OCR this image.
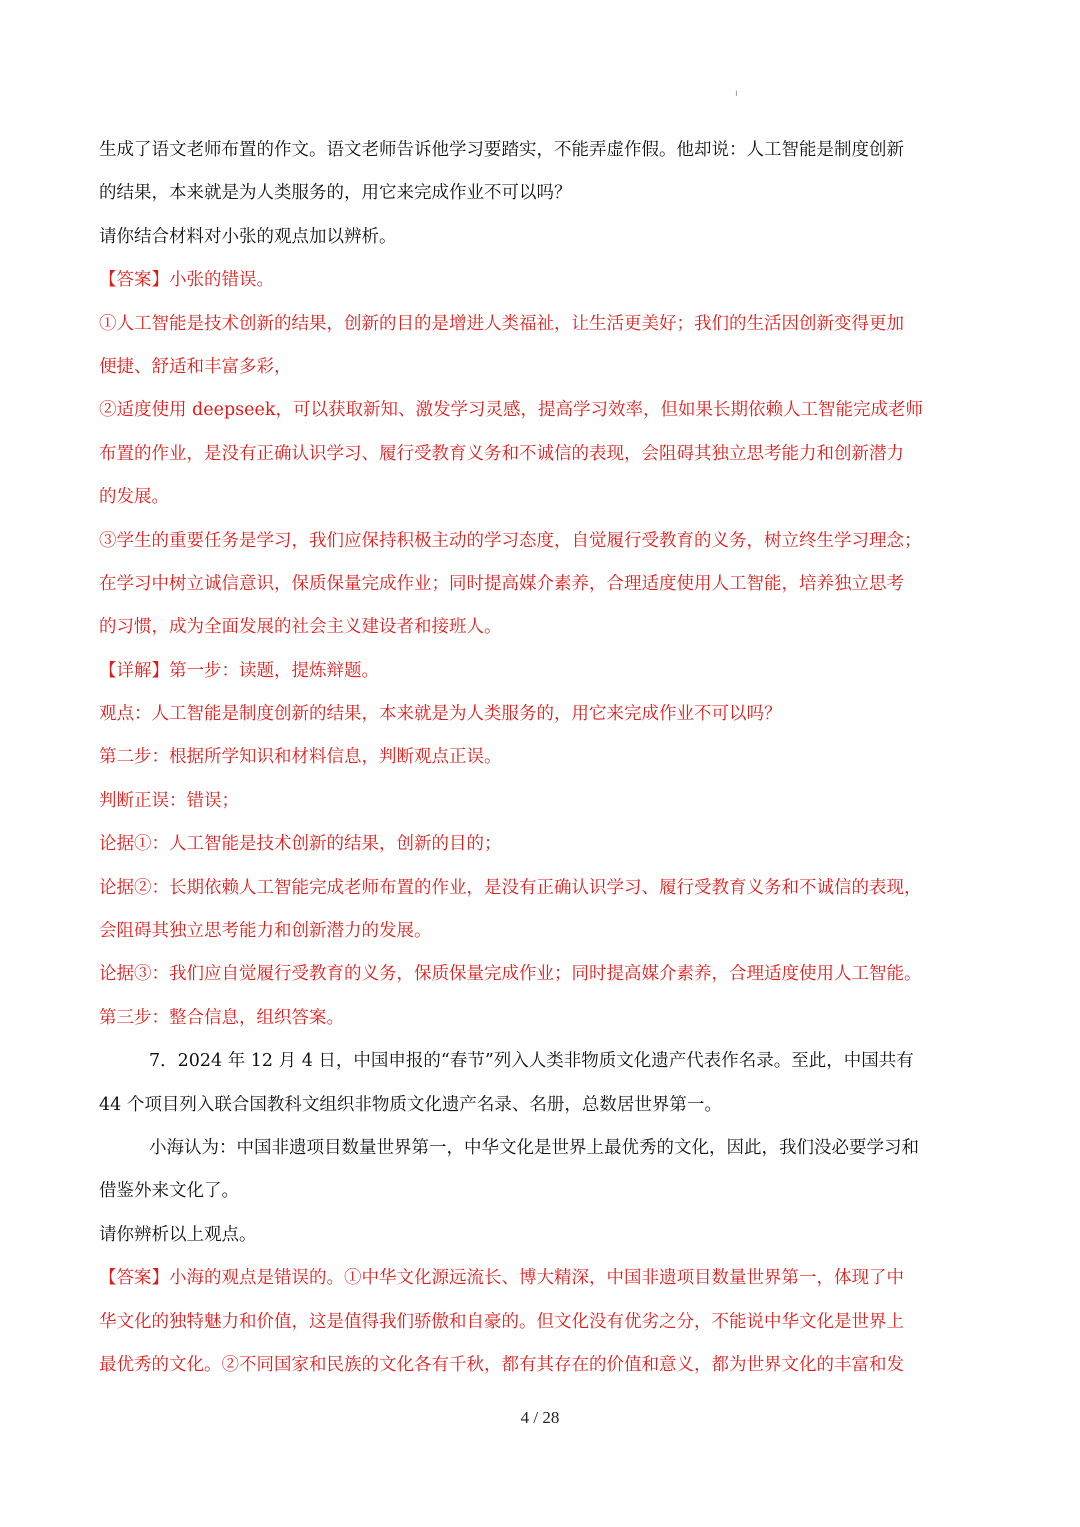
ı
生成了语文老师布置的作文。语文老师告诉他学习要踏实，不能弄虚作假。他却说：人工智能是制度创新
的结果，本来就是为人类服务的，用它来完成作业不可以吗？
请你结合材料对小张的观点加以辨析。
【答案】小张的错误。
①人工智能是技术创新的结果，创新的目的是增进人类福祉，让生活更美好；我们的生活因创新变得更加
便捷、舒适和丰富多彩，
②适度使用 deepseek，可以获取新知、激发学习灵感，提高学习效率，但如果长期依赖人工智能完成老师
布置的作业，是没有正确认识学习、履行受教育义务和不诚信的表现，会阻碍其独立思考能力和创新潜力
的发展。
③学生的重要任务是学习，我们应保持积极主动的学习态度，自觉履行受教育的义务，树立终生学习理念；
在学习中树立诚信意识，保质保量完成作业；同时提高媒介素养，合理适度使用人工智能，培养独立思考
的习惯，成为全面发展的社会主义建设者和接班人。
【详解】第一步：读题，提炼辩题。
观点：人工智能是制度创新的结果，本来就是为人类服务的，用它来完成作业不可以吗？
第二步：根据所学知识和材料信息，判断观点正误。
判断正误：错误；
论据①：人工智能是技术创新的结果，创新的目的；
论据②：长期依赖人工智能完成老师布置的作业，是没有正确认识学习、履行受教育义务和不诚信的表现，
会阻碍其独立思考能力和创新潜力的发展。
论据③：我们应自觉履行受教育的义务，保质保量完成作业；同时提高媒介素养，合理适度使用人工智能。
第三步：整合信息，组织答案。
7．2024 年 12 月 4 日，中国申报的“春节”列入人类非物质文化遗产代表作名录。至此，中国共有
44 个项目列入联合国教科文组织非物质文化遗产名录、名册，总数居世界第一。
小海认为：中国非遗项目数量世界第一，中华文化是世界上最优秀的文化，因此，我们没必要学习和
借鉴外来文化了。
请你辨析以上观点。
【答案】小海的观点是错误的。①中华文化源远流长、博大精深，中国非遗项目数量世界第一，体现了中
华文化的独特魅力和价值，这是值得我们骄傲和自豪的。但文化没有优劣之分，不能说中华文化是世界上
最优秀的文化。②不同国家和民族的文化各有千秋，都有其存在的价值和意义，都为世界文化的丰富和发
4 / 28
